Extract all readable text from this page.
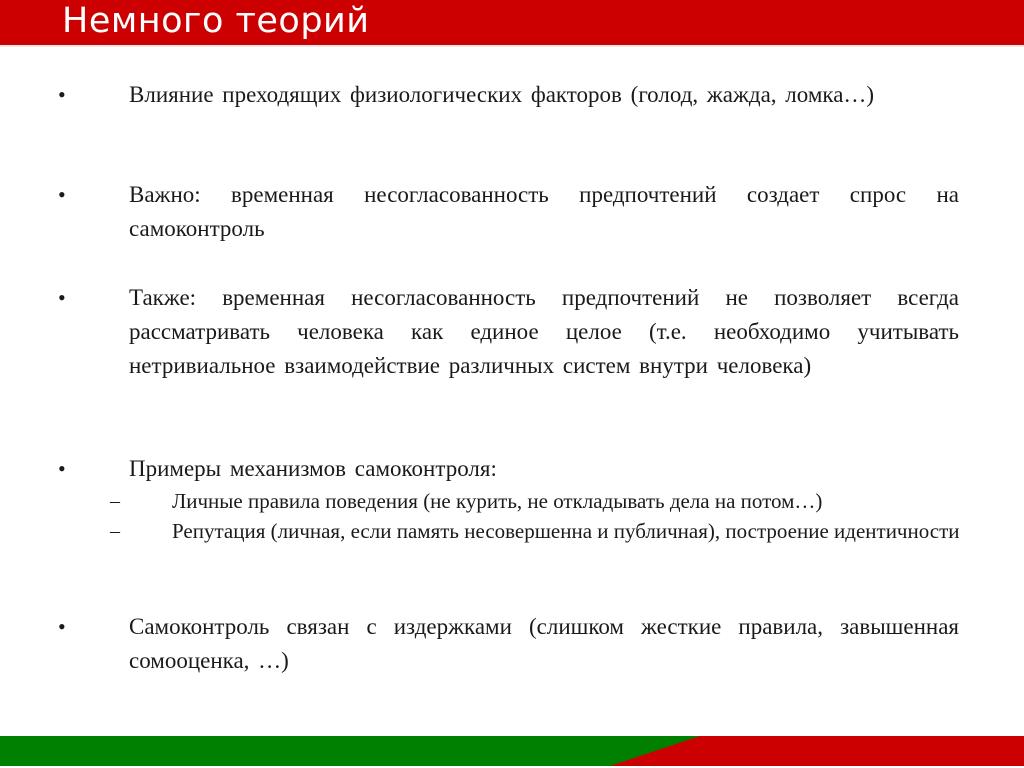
Немного теорий
•	Влияние преходящих физиологических факторов (голод, жажда, ломка…)

•	Важно: временная несогласованность предпочтений создает спрос на самоконтроль

•	Также: временная несогласованность предпочтений не позволяет всегда рассматривать человека как единое целое (т.е. необходимо учитывать нетривиальное взаимодействие различных систем внутри человека)

•	Примеры механизмов самоконтроля:

– Личные правила поведения (не курить, не откладывать дела на потом…)

– Репутация (личная, если память несовершенна и публичная), построение идентичности

•	Самоконтроль связан с издержками (слишком жесткие правила, завышенная сомооценка, …)
